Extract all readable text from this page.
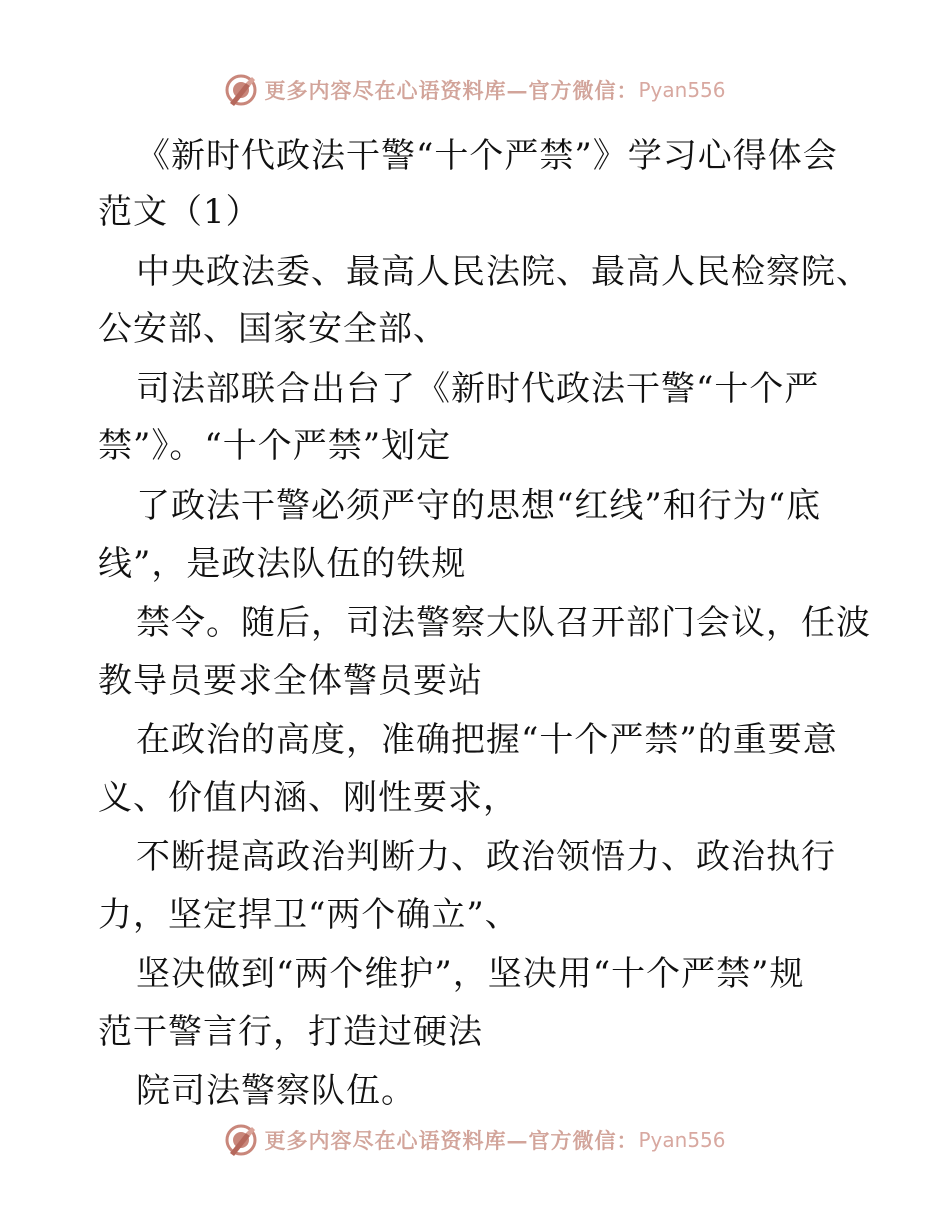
更多内容尽在心语资料库—官方微信： Pyan556
《新时代政法干警“十个严禁”》学习心得体会
范文（1）
中央政法委、最高人民法院、最高人民检察院、
公安部、国家安全部、
司法部联合出台了《新时代政法干警“十个严
禁”》。“十个严禁”划定
了政法干警必须严守的思想“红线”和行为“底
线”，是政法队伍的铁规
禁令。随后，司法警察大队召开部门会议，任波
教导员要求全体警员要站
在政治的高度，准确把握“十个严禁”的重要意
义、价值内涵、刚性要求，
不断提高政治判断力、政治领悟力、政治执行
力，坚定捍卫“两个确立”、
坚决做到“两个维护”，坚决用“十个严禁”规
范干警言行，打造过硬法
院司法警察队伍。
更多内容尽在心语资料库—官方微信： Pyan556
